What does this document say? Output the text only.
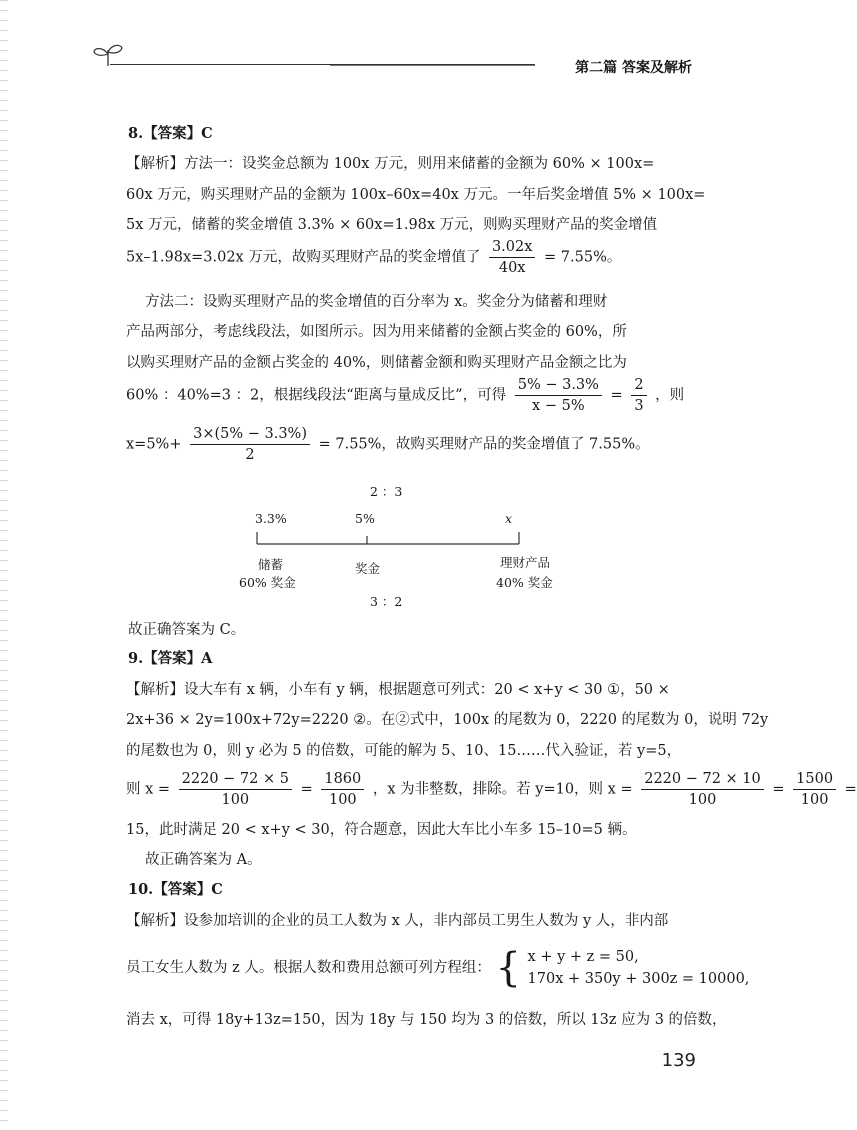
第二篇 答案及解析
8.【答案】C
【解析】方法一：设奖金总额为 100x 万元，则用来储蓄的金额为 60% × 100x=
60x 万元，购买理财产品的金额为 100x–60x=40x 万元。一年后奖金增值 5% × 100x=
5x 万元，储蓄的奖金增值 3.3% × 60x=1.98x 万元，则购买理财产品的奖金增值
5x–1.98x=3.02x 万元，故购买理财产品的奖金增值了 $\frac{3.02x}{40x} = 7.55\%$。
方法二：设购买理财产品的奖金增值的百分率为 x。奖金分为储蓄和理财
产品两部分，考虑线段法，如图所示。因为用来储蓄的金额占奖金的 60%，所
以购买理财产品的金额占奖金的 40%，则储蓄金额和购买理财产品金额之比为
60% ：40%=3 ：2，根据线段法“距离与量成反比”，可得 $\frac{5\% - 3.3\%}{x - 5\%} = \frac{2}{3}$ ，则
$x=5\%+ \frac{3\times(5\% - 3.3\%)}{2} = 7.55\%$，故购买理财产品的奖金增值了 7.55%。
2 ：3
3.3%	5%	x
储蓄
60% 奖金
奖金	理财产品
40% 奖金
3 ：2
故正确答案为 C。
9.【答案】A
【解析】设大车有 x 辆，小车有 y 辆，根据题意可列式：20 < x+y < 30 ①，50 ×
2x+36 × 2y=100x+72y=2220 ②。在②式中，100x 的尾数为 0，2220 的尾数为 0，说明 72y
的尾数也为 0，则 y 必为 5 的倍数，可能的解为 5、10、15……代入验证，若 y=5，
则 $x = \frac{2220 - 72 \times 5}{100} = \frac{1860}{100}$ ，x 为非整数，排除。若 y=10，则 $x = \frac{2220 - 72 \times 10}{100} = \frac{1500}{100}$ =
15，此时满足 20 < x+y < 30，符合题意，因此大车比小车多 15–10=5 辆。
故正确答案为 A。
10.【答案】C
【解析】设参加培训的企业的员工人数为 x 人，非内部员工男生人数为 y 人，非内部
员工女生人数为 z 人。根据人数和费用总额可列方程组： { x + y + z = 50,
170x + 350y + 300z = 10000,
消去 x，可得 18y+13z=150，因为 18y 与 150 均为 3 的倍数，所以 13z 应为 3 的倍数，
139
